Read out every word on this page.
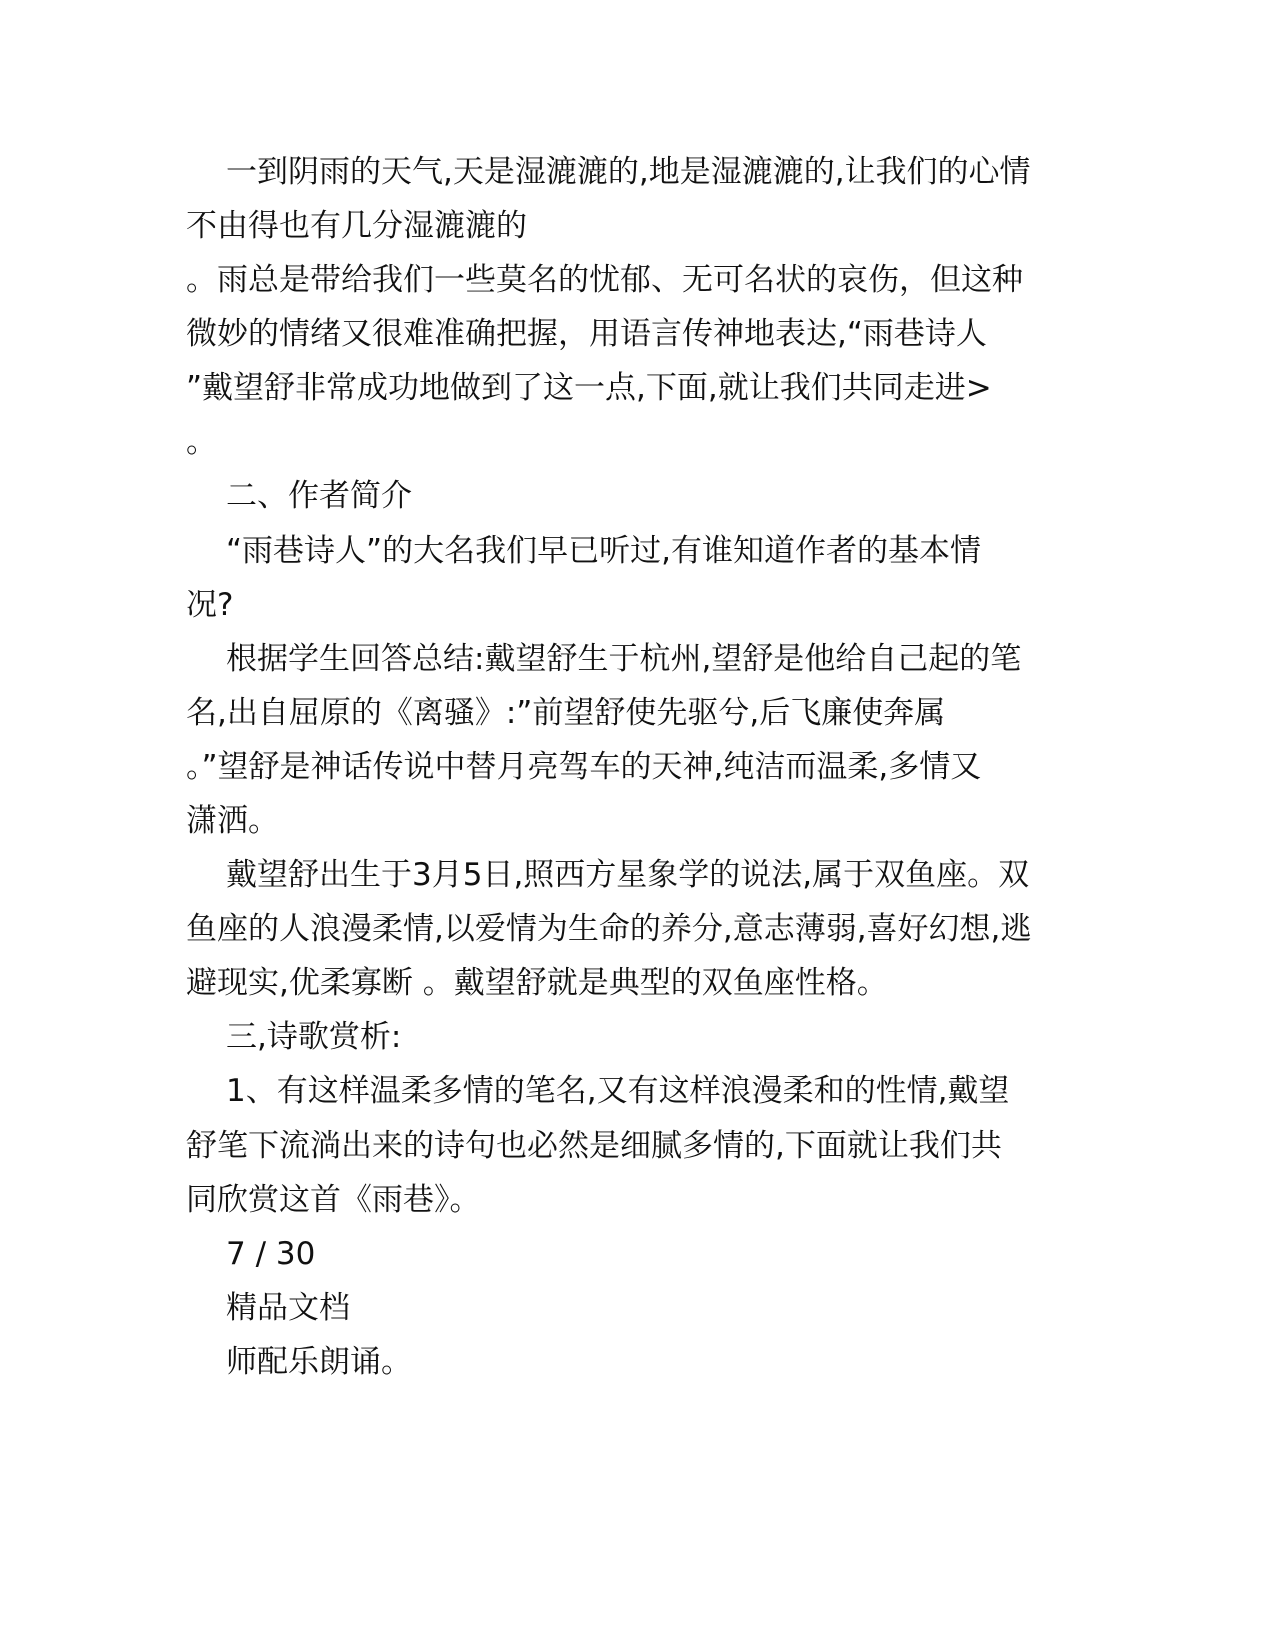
一到阴雨的天气,天是湿漉漉的,地是湿漉漉的,让我们的心情
不由得也有几分湿漉漉的
。雨总是带给我们一些莫名的忧郁、无可名状的哀伤，但这种
微妙的情绪又很难准确把握，用语言传神地表达,“雨巷诗人
”戴望舒非常成功地做到了这一点,下面,就让我们共同走进>
。
二、作者简介
“雨巷诗人”的大名我们早已听过,有谁知道作者的基本情
况?
根据学生回答总结:戴望舒生于杭州,望舒是他给自己起的笔
名,出自屈原的《离骚》:”前望舒使先驱兮,后飞廉使奔属
。”望舒是神话传说中替月亮驾车的天神,纯洁而温柔,多情又
潇洒。
戴望舒出生于3月5日,照西方星象学的说法,属于双鱼座。双
鱼座的人浪漫柔情,以爱情为生命的养分,意志薄弱,喜好幻想,逃
避现实,优柔寡断 。戴望舒就是典型的双鱼座性格。
三,诗歌赏析:
1、有这样温柔多情的笔名,又有这样浪漫柔和的性情,戴望
舒笔下流淌出来的诗句也必然是细腻多情的,下面就让我们共
同欣赏这首《雨巷》。
7 / 30
精品文档
师配乐朗诵。
